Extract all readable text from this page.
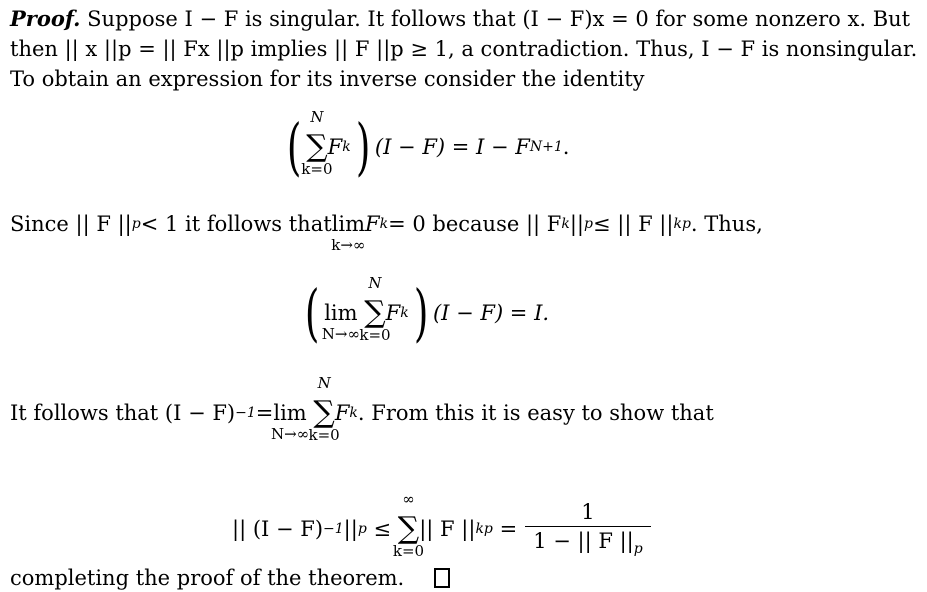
Proof. Suppose I − F is singular. It follows that (I − F)x = 0 for some nonzero x. But
then || x ||p = || Fx ||p implies || F ||p ≥ 1, a contradiction. Thus, I − F is nonsingular.
To obtain an expression for its inverse consider the identity

( N
∑
k=0
F k ) (I − F) = I − F N+1 .
Since || F || p < 1 it follows that lim
k→∞
F k = 0 because || F k || p ≤ || F || k p . Thus,
( lim
N→∞

N
∑
k=0
F k ) (I − F) = I.
It follows that (I − F) −1 = lim
N→∞

N
∑
k=0
F k . From this it is easy to show that
|| (I − F) −1 || p
≤

∞
∑
k=0
|| F || k p
= $\frac{1}{1 - || F ||_p}$
completing the proof of the theorem.
